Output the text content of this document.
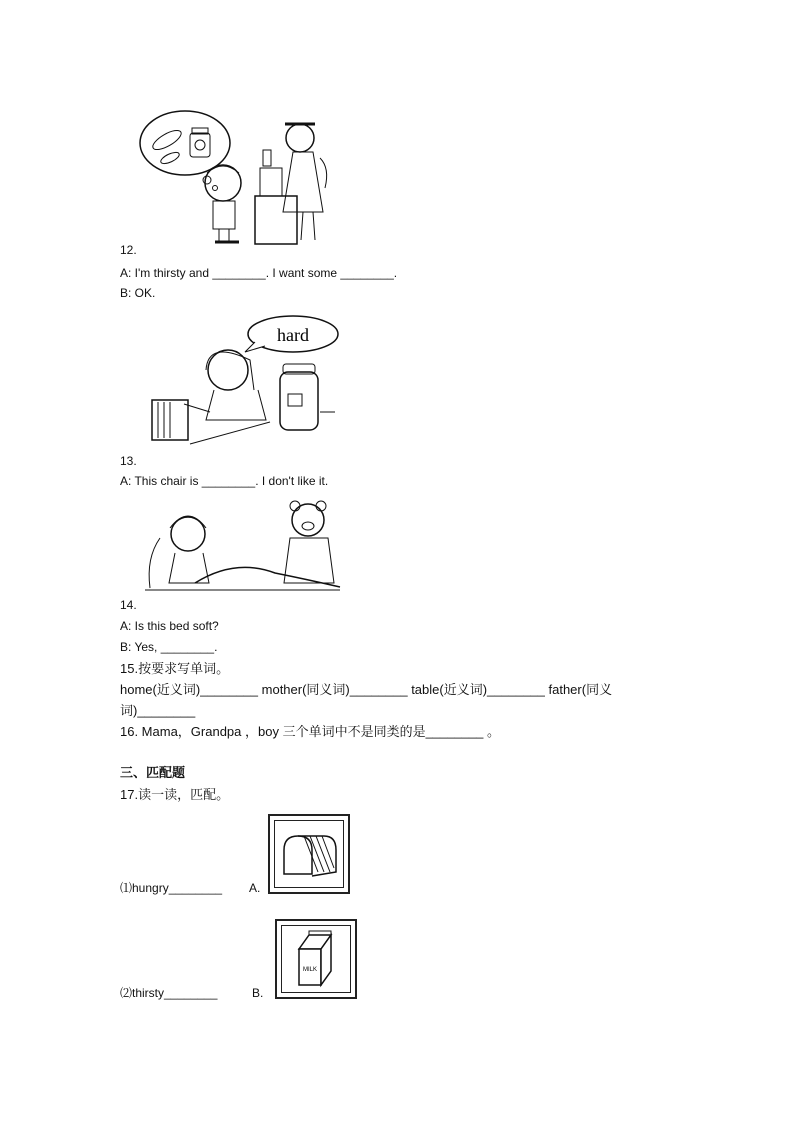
12.
A: I'm thirsty and ________. I want some ________.
B: OK.
hard
13.
A: This chair is ________. I don't like it.
14.
A: Is this bed soft?
B: Yes, ________.
15.按要求写单词。
home(近义词)________ mother(同义词)________ table(近义词)________ father(同义
词)________
16. Mama，Grandpa ，boy 三个单词中不是同类的是________ 。
三、匹配题
17.读一读，匹配。
⑴hungry________ A.
⑵thirsty________	B.
MILK
